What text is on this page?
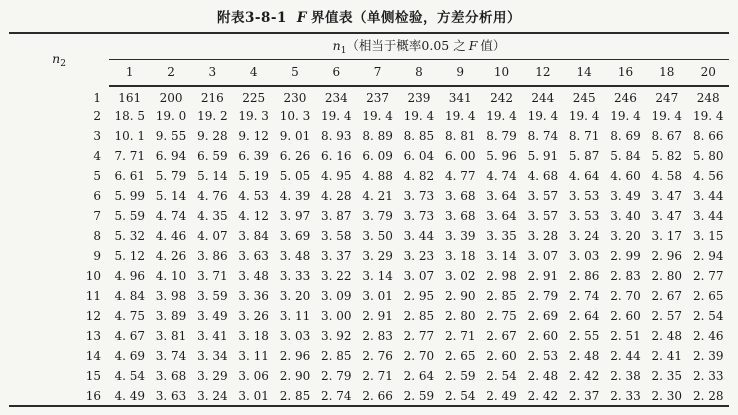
附表3-8-1 F 界值表（单侧检验，方差分析用）
$n_2$	$n_1$（相当于概率0.05 之 F 值）														
	1	2	3	4	5	6	7	8	9	10	12	14	16	18	20
1	161	200	216	225	230	234	237	239	341	242	244	245	246	247	248
2	18. 5	19. 0	19. 2	19. 3	10. 3	19. 4	19. 4	19. 4	19. 4	19. 4	19. 4	19. 4	19. 4	19. 4	19. 4
3	10. 1	9. 55	9. 28	9. 12	9. 01	8. 93	8. 89	8. 85	8. 81	8. 79	8. 74	8. 71	8. 69	8. 67	8. 66
4	7. 71	6. 94	6. 59	6. 39	6. 26	6. 16	6. 09	6. 04	6. 00	5. 96	5. 91	5. 87	5. 84	5. 82	5. 80
5	6. 61	5. 79	5. 14	5. 19	5. 05	4. 95	4. 88	4. 82	4. 77	4. 74	4. 68	4. 64	4. 60	4. 58	4. 56
6	5. 99	5. 14	4. 76	4. 53	4. 39	4. 28	4. 21	3. 73	3. 68	3. 64	3. 57	3. 53	3. 49	3. 47	3. 44
7	5. 59	4. 74	4. 35	4. 12	3. 97	3. 87	3. 79	3. 73	3. 68	3. 64	3. 57	3. 53	3. 40	3. 47	3. 44
8	5. 32	4. 46	4. 07	3. 84	3. 69	3. 58	3. 50	3. 44	3. 39	3. 35	3. 28	3. 24	3. 20	3. 17	3. 15
9	5. 12	4. 26	3. 86	3. 63	3. 48	3. 37	3. 29	3. 23	3. 18	3. 14	3. 07	3. 03	2. 99	2. 96	2. 94
10	4. 96	4. 10	3. 71	3. 48	3. 33	3. 22	3. 14	3. 07	3. 02	2. 98	2. 91	2. 86	2. 83	2. 80	2. 77
11	4. 84	3. 98	3. 59	3. 36	3. 20	3. 09	3. 01	2. 95	2. 90	2. 85	2. 79	2. 74	2. 70	2. 67	2. 65
12	4. 75	3. 89	3. 49	3. 26	3. 11	3. 00	2. 91	2. 85	2. 80	2. 75	2. 69	2. 64	2. 60	2. 57	2. 54
13	4. 67	3. 81	3. 41	3. 18	3. 03	3. 92	2. 83	2. 77	2. 71	2. 67	2. 60	2. 55	2. 51	2. 48	2. 46
14	4. 69	3. 74	3. 34	3. 11	2. 96	2. 85	2. 76	2. 70	2. 65	2. 60	2. 53	2. 48	2. 44	2. 41	2. 39
15	4. 54	3. 68	3. 29	3. 06	2. 90	2. 79	2. 71	2. 64	2. 59	2. 54	2. 48	2. 42	2. 38	2. 35	2. 33
16	4. 49	3. 63	3. 24	3. 01	2. 85	2. 74	2. 66	2. 59	2. 54	2. 49	2. 42	2. 37	2. 33	2. 30	2. 28
